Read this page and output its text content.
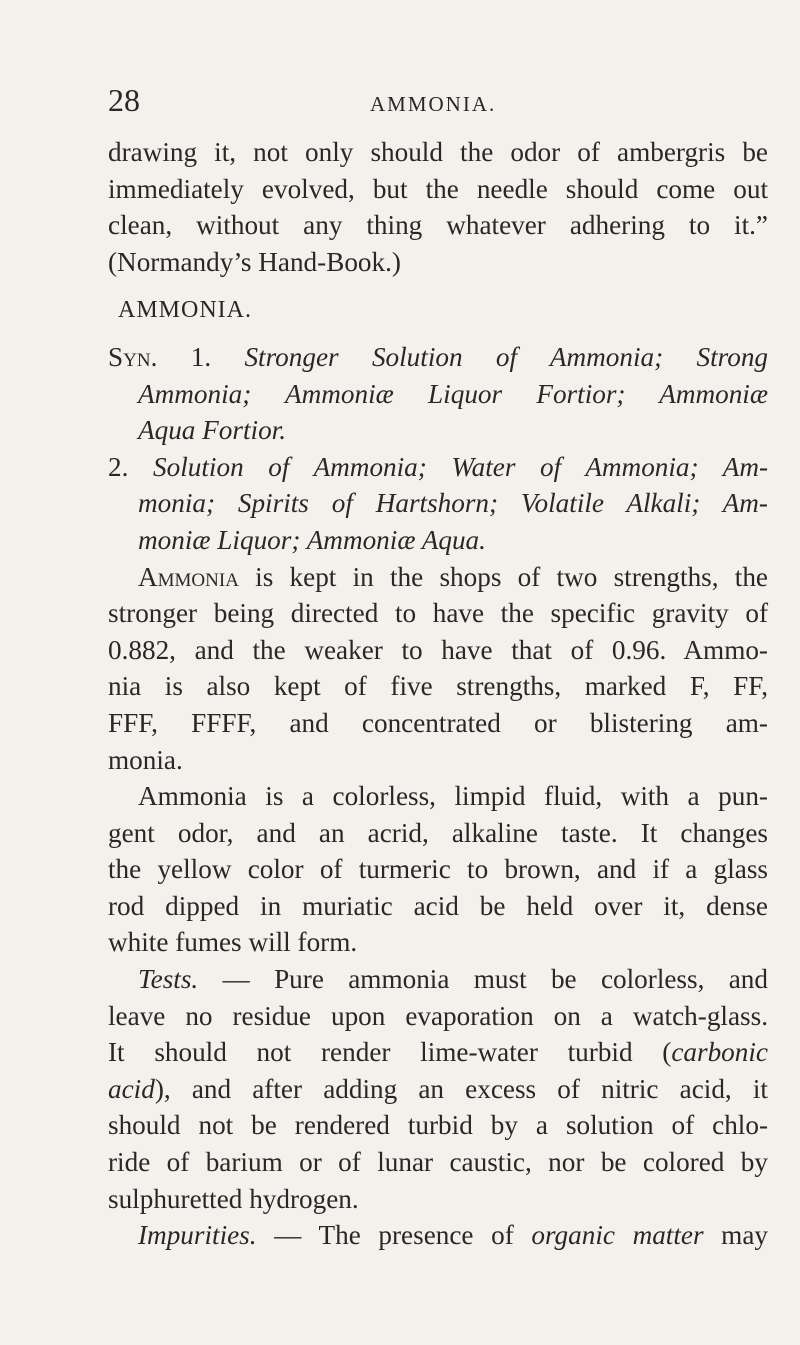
28	AMMONIA.
drawing it, not only should the odor of ambergris be
immediately evolved, but the needle should come out
clean, without any thing whatever adhering to it.”
(Normandy’s Hand-Book.)
AMMONIA.
Syn. 1. Stronger Solution of Ammonia; Strong
Ammonia; Ammoniæ Liquor Fortior; Ammoniæ
Aqua Fortior.
2. Solution of Ammonia; Water of Ammonia; Am-
monia; Spirits of Hartshorn; Volatile Alkali; Am-
moniæ Liquor; Ammoniæ Aqua.
Ammonia is kept in the shops of two strengths, the
stronger being directed to have the specific gravity of
0.882, and the weaker to have that of 0.96. Ammo-
nia is also kept of five strengths, marked F, FF,
FFF, FFFF, and concentrated or blistering am-
monia.
Ammonia is a colorless, limpid fluid, with a pun-
gent odor, and an acrid, alkaline taste. It changes
the yellow color of turmeric to brown, and if a glass
rod dipped in muriatic acid be held over it, dense
white fumes will form.
Tests. — Pure ammonia must be colorless, and
leave no residue upon evaporation on a watch-glass.
It should not render lime-water turbid (carbonic
acid), and after adding an excess of nitric acid, it
should not be rendered turbid by a solution of chlo-
ride of barium or of lunar caustic, nor be colored by
sulphuretted hydrogen.
Impurities. — The presence of organic matter may
